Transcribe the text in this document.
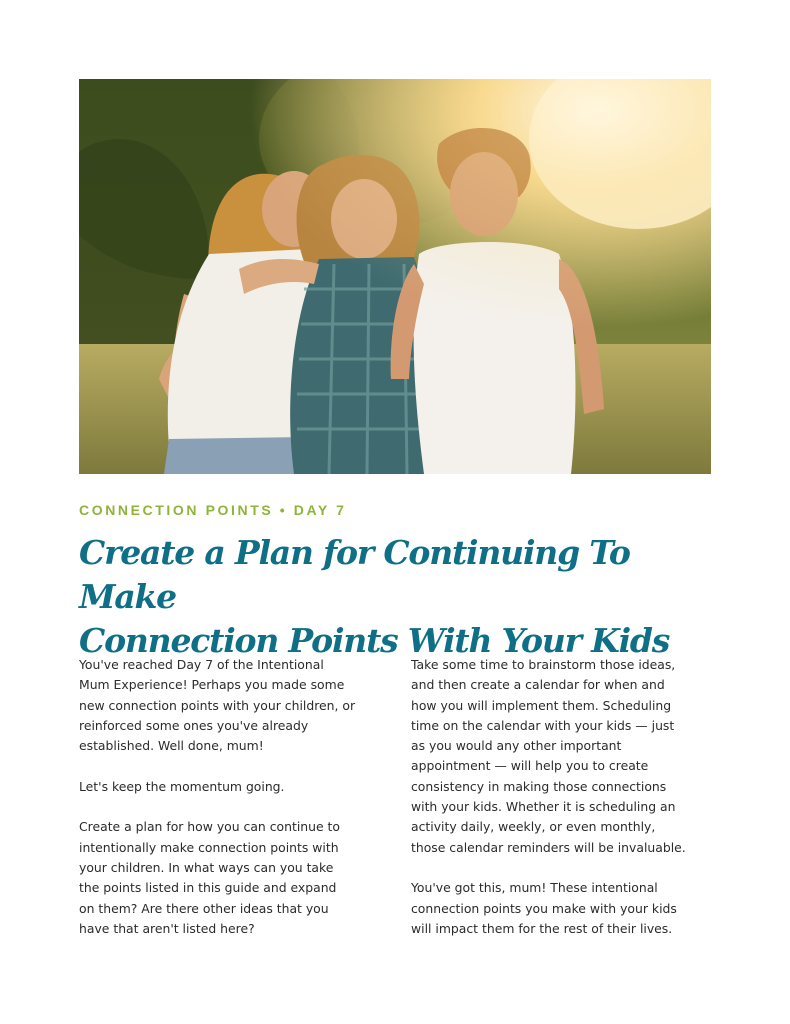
CONNECTION POINTS • DAY 7
Create a Plan for Continuing To Make
Connection Points With Your Kids

You've reached Day 7 of the Intentional
Mum Experience! Perhaps you made some
new connection points with your children, or
reinforced some ones you've already
established. Well done, mum!

Let's keep the momentum going.

Create a plan for how you can continue to
intentionally make connection points with
your children. In what ways can you take
the points listed in this guide and expand
on them? Are there other ideas that you
have that aren't listed here?

Take some time to brainstorm those ideas,
and then create a calendar for when and
how you will implement them. Scheduling
time on the calendar with your kids — just
as you would any other important
appointment — will help you to create
consistency in making those connections
with your kids. Whether it is scheduling an
activity daily, weekly, or even monthly,
those calendar reminders will be invaluable.

You've got this, mum! These intentional
connection points you make with your kids
will impact them for the rest of their lives.
